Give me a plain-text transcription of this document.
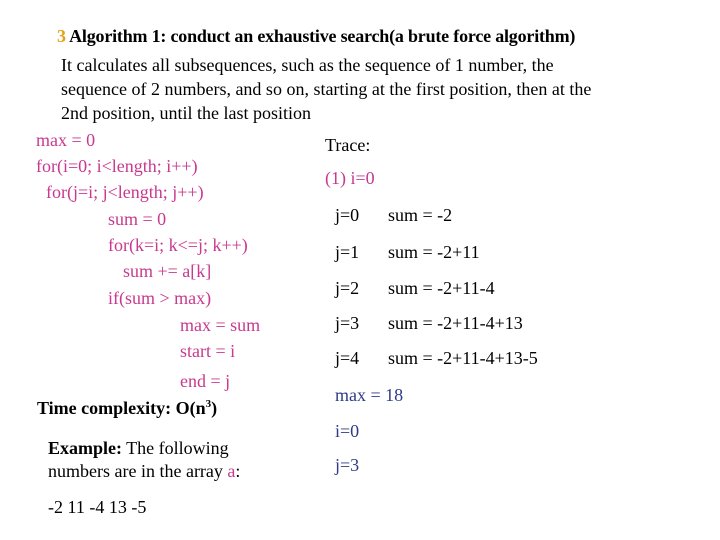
3 Algorithm 1: conduct an exhaustive search(a brute force algorithm)
It calculates all subsequences, such as the sequence of 1 number, the
sequence of 2 numbers, and so on, starting at the first position, then at the
2nd position, until the last position
max = 0
for(i=0; i<length; i++)
for(j=i; j<length; j++)
sum = 0
for(k=i; k<=j; k++)
sum += a[k]
if(sum > max)
max = sum
start = i
end = j
Time complexity: $O(n^3)$
Example: The following
numbers are in the array a:
-2 11 -4 13 -5
Trace:
(1) i=0
j=0 sum = -2
j=1 sum = -2+11
j=2 sum = -2+11-4
j=3 sum = -2+11-4+13
j=4 sum = -2+11-4+13-5
max = 18
i=0
j=3
